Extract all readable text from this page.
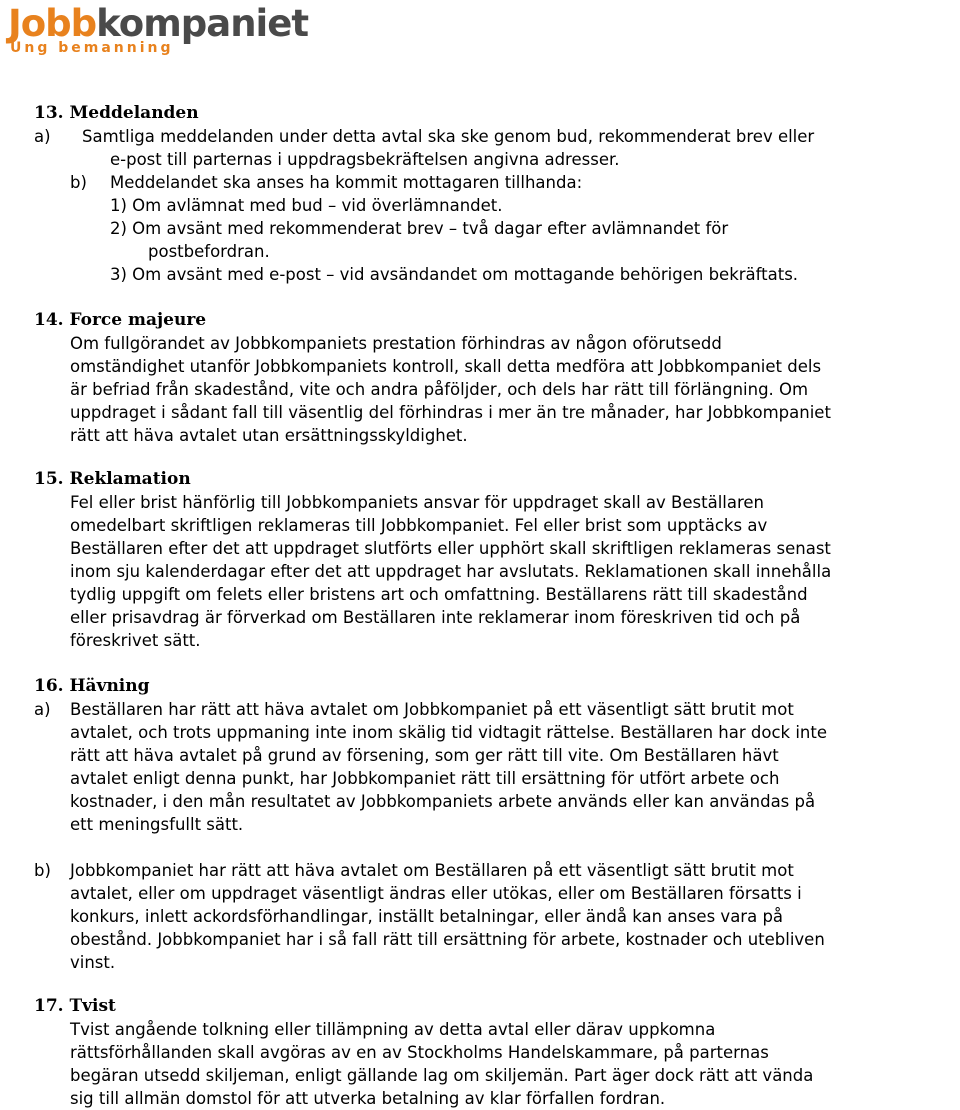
Jobbkompaniet
Ung bemanning
13. Meddelanden
a) Samtliga meddelanden under detta avtal ska ske genom bud, rekommenderat brev eller
e-post till parternas i uppdragsbekräftelsen angivna adresser.
b) Meddelandet ska anses ha kommit mottagaren tillhanda:
1) Om avlämnat med bud – vid överlämnandet.
2) Om avsänt med rekommenderat brev – två dagar efter avlämnandet för
postbefordran.
3) Om avsänt med e-post – vid avsändandet om mottagande behörigen bekräftats.
14. Force majeure
Om fullgörandet av Jobbkompaniets prestation förhindras av någon oförutsedd
omständighet utanför Jobbkompaniets kontroll, skall detta medföra att Jobbkompaniet dels
är befriad från skadestånd, vite och andra påföljder, och dels har rätt till förlängning. Om
uppdraget i sådant fall till väsentlig del förhindras i mer än tre månader, har Jobbkompaniet
rätt att häva avtalet utan ersättningsskyldighet.
15. Reklamation
Fel eller brist hänförlig till Jobbkompaniets ansvar för uppdraget skall av Beställaren
omedelbart skriftligen reklameras till Jobbkompaniet. Fel eller brist som upptäcks av
Beställaren efter det att uppdraget slutförts eller upphört skall skriftligen reklameras senast
inom sju kalenderdagar efter det att uppdraget har avslutats. Reklamationen skall innehålla
tydlig uppgift om felets eller bristens art och omfattning. Beställarens rätt till skadestånd
eller prisavdrag är förverkad om Beställaren inte reklamerar inom föreskriven tid och på
föreskrivet sätt.
16. Hävning
a) Beställaren har rätt att häva avtalet om Jobbkompaniet på ett väsentligt sätt brutit mot
avtalet, och trots uppmaning inte inom skälig tid vidtagit rättelse. Beställaren har dock inte
rätt att häva avtalet på grund av försening, som ger rätt till vite. Om Beställaren hävt
avtalet enligt denna punkt, har Jobbkompaniet rätt till ersättning för utfört arbete och
kostnader, i den mån resultatet av Jobbkompaniets arbete används eller kan användas på
ett meningsfullt sätt.
b) Jobbkompaniet har rätt att häva avtalet om Beställaren på ett väsentligt sätt brutit mot
avtalet, eller om uppdraget väsentligt ändras eller utökas, eller om Beställaren försatts i
konkurs, inlett ackordsförhandlingar, inställt betalningar, eller ändå kan anses vara på
obestånd. Jobbkompaniet har i så fall rätt till ersättning för arbete, kostnader och utebliven
vinst.
17. Tvist
Tvist angående tolkning eller tillämpning av detta avtal eller därav uppkomna
rättsförhållanden skall avgöras av en av Stockholms Handelskammare, på parternas
begäran utsedd skiljeman, enligt gällande lag om skiljemän. Part äger dock rätt att vända
sig till allmän domstol för att utverka betalning av klar förfallen fordran.
